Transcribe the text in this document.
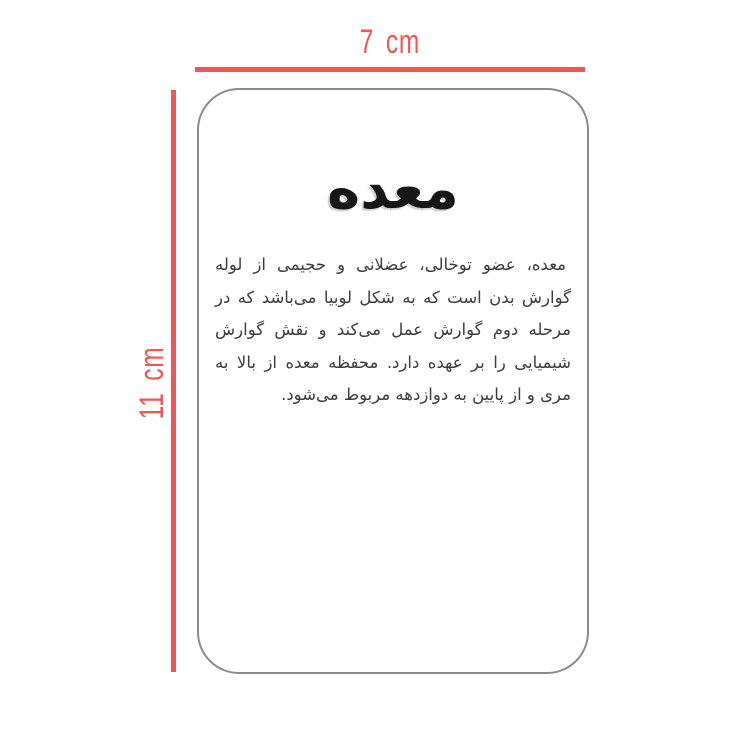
7 cm
11 cm
معده

معده، عضو توخالی، عضلانی و حجیمی از لوله گوارش بدن است که به شکل لوبیا می‌باشد که در مرحله دوم گوارش عمل می‌کند و نقش گوارش شیمیایی را بر عهده دارد. محفظه معده از بالا به مری و از پایین به دوازدهه مربوط می‌شود.
